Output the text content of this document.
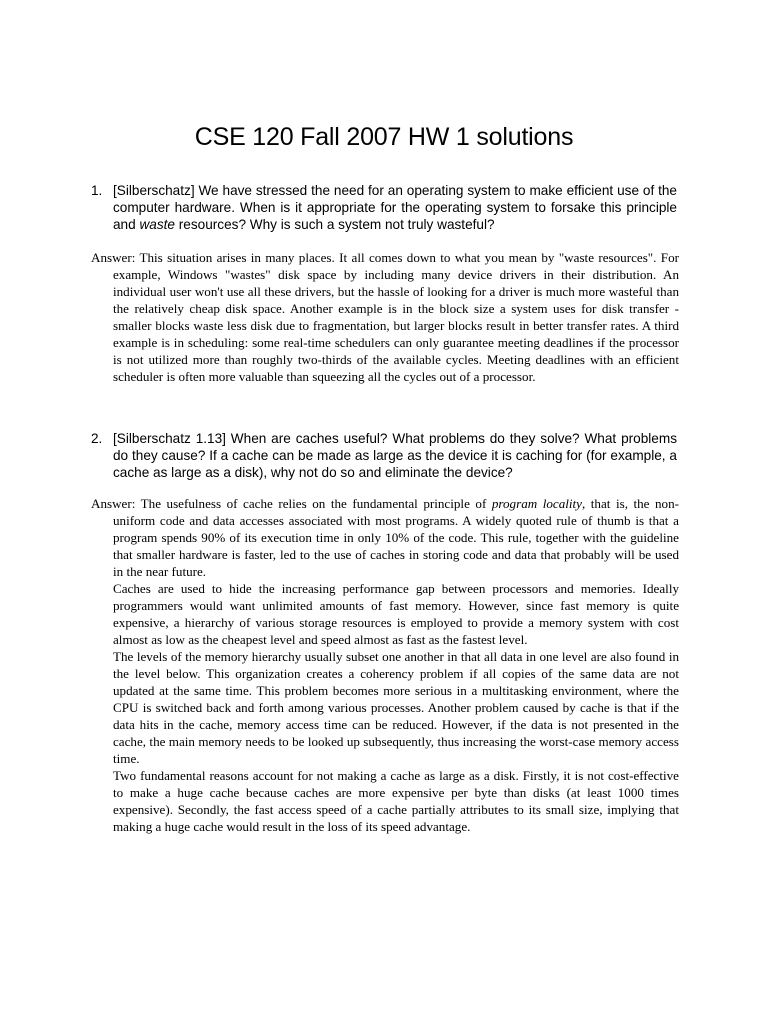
CSE 120 Fall 2007 HW 1 solutions
1. [Silberschatz] We have stressed the need for an operating system to make efficient use of the computer hardware. When is it appropriate for the operating system to forsake this principle and waste resources? Why is such a system not truly wasteful?

Answer: This situation arises in many places. It all comes down to what you mean by "waste resources". For example, Windows "wastes" disk space by including many device drivers in their distribution. An individual user won't use all these drivers, but the hassle of looking for a driver is much more wasteful than the relatively cheap disk space. Another example is in the block size a system uses for disk transfer - smaller blocks waste less disk due to fragmentation, but larger blocks result in better transfer rates. A third example is in scheduling: some real-time schedulers can only guarantee meeting deadlines if the processor is not utilized more than roughly two-thirds of the available cycles. Meeting deadlines with an efficient scheduler is often more valuable than squeezing all the cycles out of a processor.

2. [Silberschatz 1.13] When are caches useful? What problems do they solve? What problems do they cause? If a cache can be made as large as the device it is caching for (for example, a cache as large as a disk), why not do so and eliminate the device?

Answer: The usefulness of cache relies on the fundamental principle of program locality, that is, the non-uniform code and data accesses associated with most programs. A widely quoted rule of thumb is that a program spends 90% of its execution time in only 10% of the code. This rule, together with the guideline that smaller hardware is faster, led to the use of caches in storing code and data that probably will be used in the near future.

Caches are used to hide the increasing performance gap between processors and memories. Ideally programmers would want unlimited amounts of fast memory. However, since fast memory is quite expensive, a hierarchy of various storage resources is employed to provide a memory system with cost almost as low as the cheapest level and speed almost as fast as the fastest level.

The levels of the memory hierarchy usually subset one another in that all data in one level are also found in the level below. This organization creates a coherency problem if all copies of the same data are not updated at the same time. This problem becomes more serious in a multitasking environment, where the CPU is switched back and forth among various processes. Another problem caused by cache is that if the data hits in the cache, memory access time can be reduced. However, if the data is not presented in the cache, the main memory needs to be looked up subsequently, thus increasing the worst-case memory access time.

Two fundamental reasons account for not making a cache as large as a disk. Firstly, it is not cost-effective to make a huge cache because caches are more expensive per byte than disks (at least 1000 times expensive). Secondly, the fast access speed of a cache partially attributes to its small size, implying that making a huge cache would result in the loss of its speed advantage.
